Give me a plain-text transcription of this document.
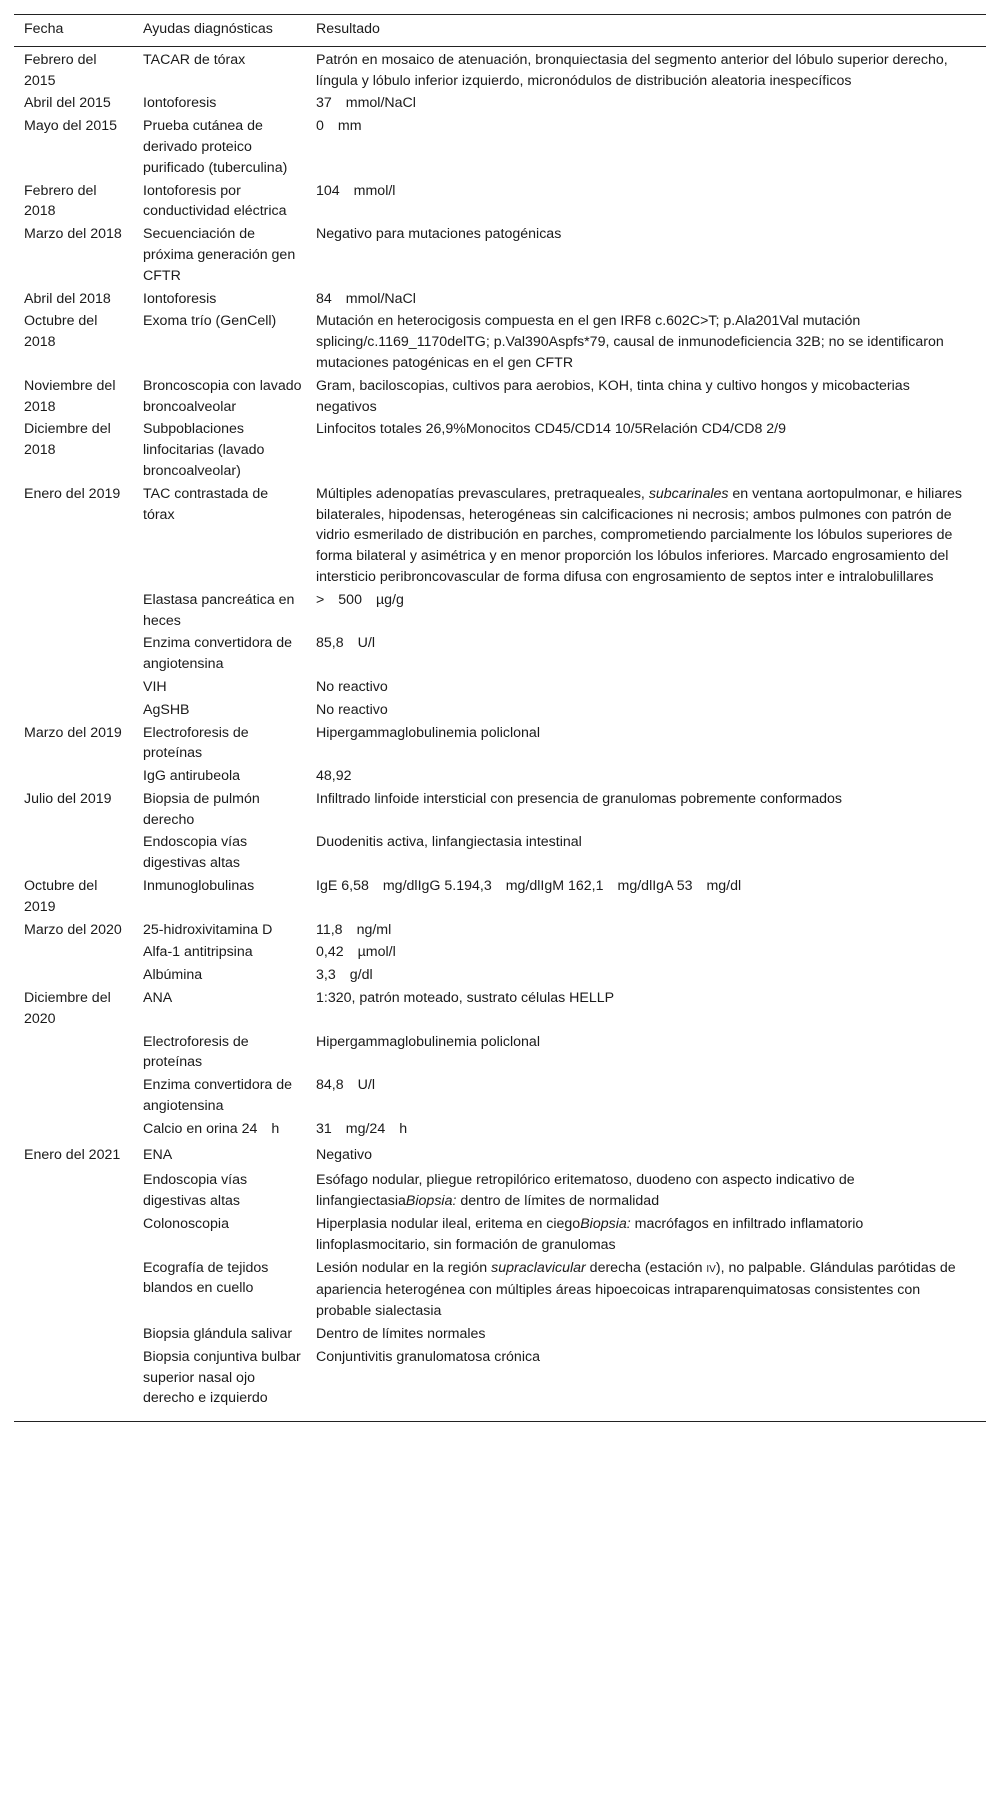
Fecha	Ayudas diagnósticas	Resultado
Febrero del 2015	TACAR de tórax	Patrón en mosaico de atenuación, bronquiectasia del segmento anterior del lóbulo superior derecho, língula y lóbulo inferior izquierdo, micronódulos de distribución aleatoria inespecíficos
Abril del 2015	Iontoforesis	37 mmol/NaCl
Mayo del 2015	Prueba cutánea de derivado proteico purificado (tuberculina)	0 mm
Febrero del 2018	Iontoforesis por conductividad eléctrica	104 mmol/l
Marzo del 2018	Secuenciación de próxima generación gen CFTR	Negativo para mutaciones patogénicas
Abril del 2018	Iontoforesis	84 mmol/NaCl
Octubre del 2018	Exoma trío (GenCell)	Mutación en heterocigosis compuesta en el gen IRF8 c.602C>T; p.Ala201Val mutación splicing/c.1169_1170delTG; p.Val390Aspfs*79, causal de inmunodeficiencia 32B; no se identificaron mutaciones patogénicas en el gen CFTR
Noviembre del 2018	Broncoscopia con lavado broncoalveolar	Gram, baciloscopias, cultivos para aerobios, KOH, tinta china y cultivo hongos y micobacterias negativos
Diciembre del 2018	Subpoblaciones linfocitarias (lavado broncoalveolar)	Linfocitos totales 26,9%Monocitos CD45/CD14 10/5Relación CD4/CD8 2/9
Enero del 2019	TAC contrastada de tórax	Múltiples adenopatías prevasculares, pretraqueales, subcarinales en ventana aortopulmonar, e hiliares bilaterales, hipodensas, heterogéneas sin calcificaciones ni necrosis; ambos pulmones con patrón de vidrio esmerilado de distribución en parches, comprometiendo parcialmente los lóbulos superiores de forma bilateral y asimétrica y en menor proporción los lóbulos inferiores. Marcado engrosamiento del intersticio peribroncovascular de forma difusa con engrosamiento de septos inter e intralobulillares
	Elastasa pancreática en heces	> 500 µg/g
	Enzima convertidora de angiotensina	85,8 U/l
	VIH	No reactivo
	AgSHB	No reactivo
Marzo del 2019	Electroforesis de proteínas	Hipergammaglobulinemia policlonal
	IgG antirubeola	48,92
Julio del 2019	Biopsia de pulmón derecho	Infiltrado linfoide intersticial con presencia de granulomas pobremente conformados
	Endoscopia vías digestivas altas	Duodenitis activa, linfangiectasia intestinal
Octubre del 2019	Inmunoglobulinas	IgE 6,58 mg/dlIgG 5.194,3 mg/dlIgM 162,1 mg/dlIgA 53 mg/dl
Marzo del 2020	25-hidroxivitamina D	11,8 ng/ml
	Alfa-1 antitripsina	0,42 µmol/l
	Albúmina	3,3 g/dl
Diciembre del 2020	ANA	1:320, patrón moteado, sustrato células HELLP
	Electroforesis de proteínas	Hipergammaglobulinemia policlonal
	Enzima convertidora de angiotensina	84,8 U/l
	Calcio en orina 24 h	31 mg/24 h
Enero del 2021	ENA	Negativo
	Endoscopia vías digestivas altas	Esófago nodular, pliegue retropilórico eritematoso, duodeno con aspecto indicativo de linfangiectasiaBiopsia: dentro de límites de normalidad
	Colonoscopia	Hiperplasia nodular ileal, eritema en ciegoBiopsia: macrófagos en infiltrado inflamatorio linfoplasmocitario, sin formación de granulomas
	Ecografía de tejidos blandos en cuello	Lesión nodular en la región supraclavicular derecha (estación IV), no palpable. Glándulas parótidas de apariencia heterogénea con múltiples áreas hipoecoicas intraparenquimatosas consistentes con probable sialectasia
	Biopsia glándula salivar	Dentro de límites normales
	Biopsia conjuntiva bulbar superior nasal ojo derecho e izquierdo	Conjuntivitis granulomatosa crónica
